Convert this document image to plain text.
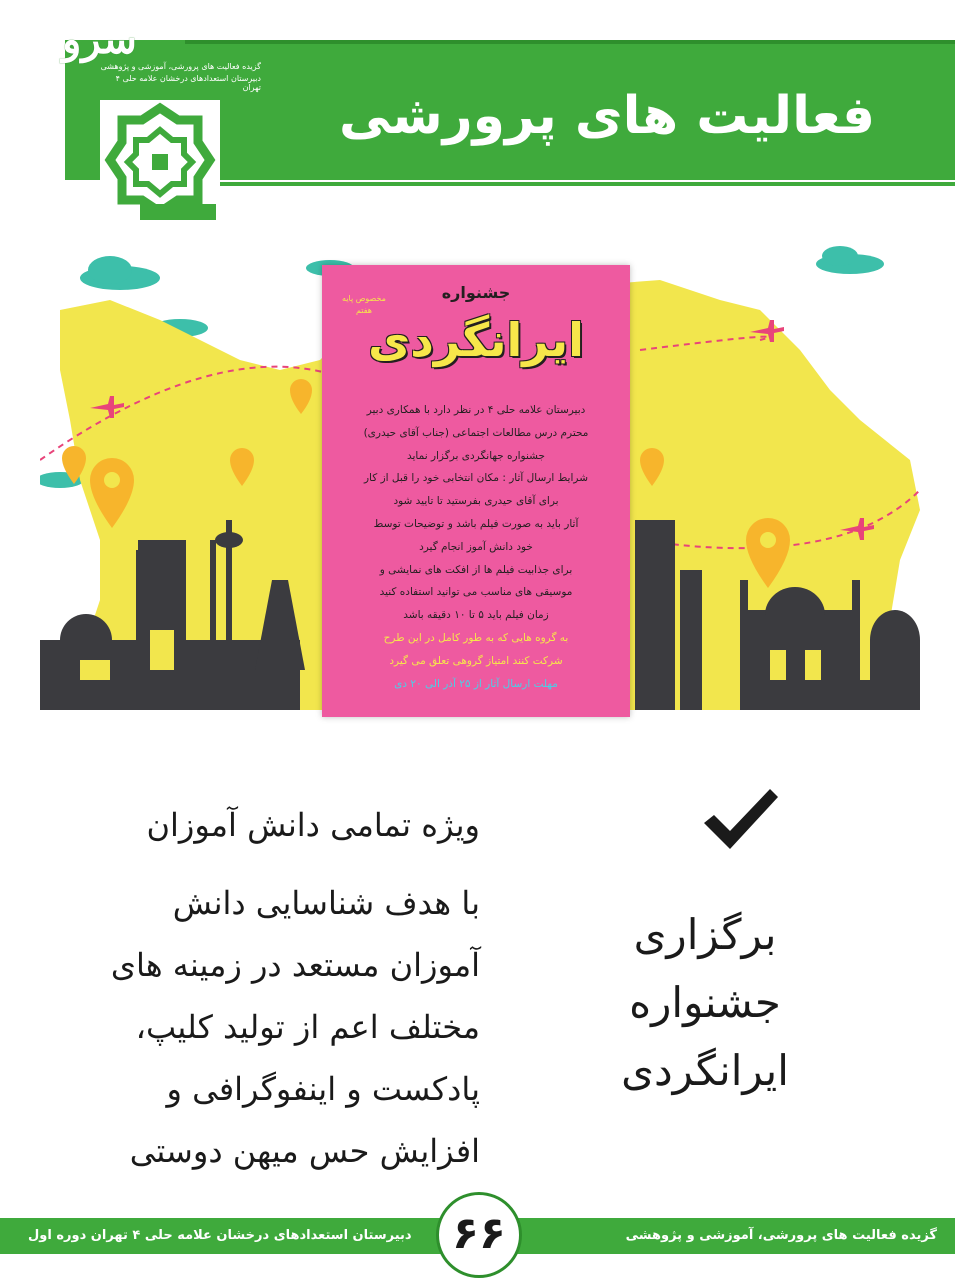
سرو
گزیده فعالیت های پرورشی، آموزشی و پژوهشی
دبیرستان استعدادهای درخشان علامه حلی ۴ تهران فعالیت های پرورشی
جشنواره
ایرانگردی
مخصوص پایه هفتم
دبیرستان علامه حلی ۴ در نظر دارد با همکاری دبیر
محترم درس مطالعات اجتماعی (جناب آقای حیدری)
جشنواره جهانگردی برگزار نماید
شرایط ارسال آثار : مکان انتخابی خود را قبل از کار
برای آقای حیدری بفرستید تا تایید شود
آثار باید به صورت فیلم باشد و توضیحات توسط
خود دانش آموز انجام گیرد
برای جذابیت فیلم ها از افکت های نمایشی و
موسیقی های مناسب می توانید استفاده کنید
زمان فیلم باید ۵ تا ۱۰ دقیقه باشد
به گروه هایی که به طور کامل در این طرح
شرکت کنند امتیاز گروهی تعلق می گیرد
مهلت ارسال آثار از ۲۵ آذر الی ۲۰ دی
برگزاری
جشنواره
ایرانگردی
ویژه تمامی دانش آموزان
با هدف شناسایی دانش
آموزان مستعد در زمینه های
مختلف اعم از تولید کلیپ،
پادکست و اینفوگرافی و
افزایش حس میهن دوستی
گزیده فعالیت های پرورشی، آموزشی و پژوهشی
دبیرستان استعدادهای درخشان علامه حلی ۴ تهران دوره اول ۶۶
